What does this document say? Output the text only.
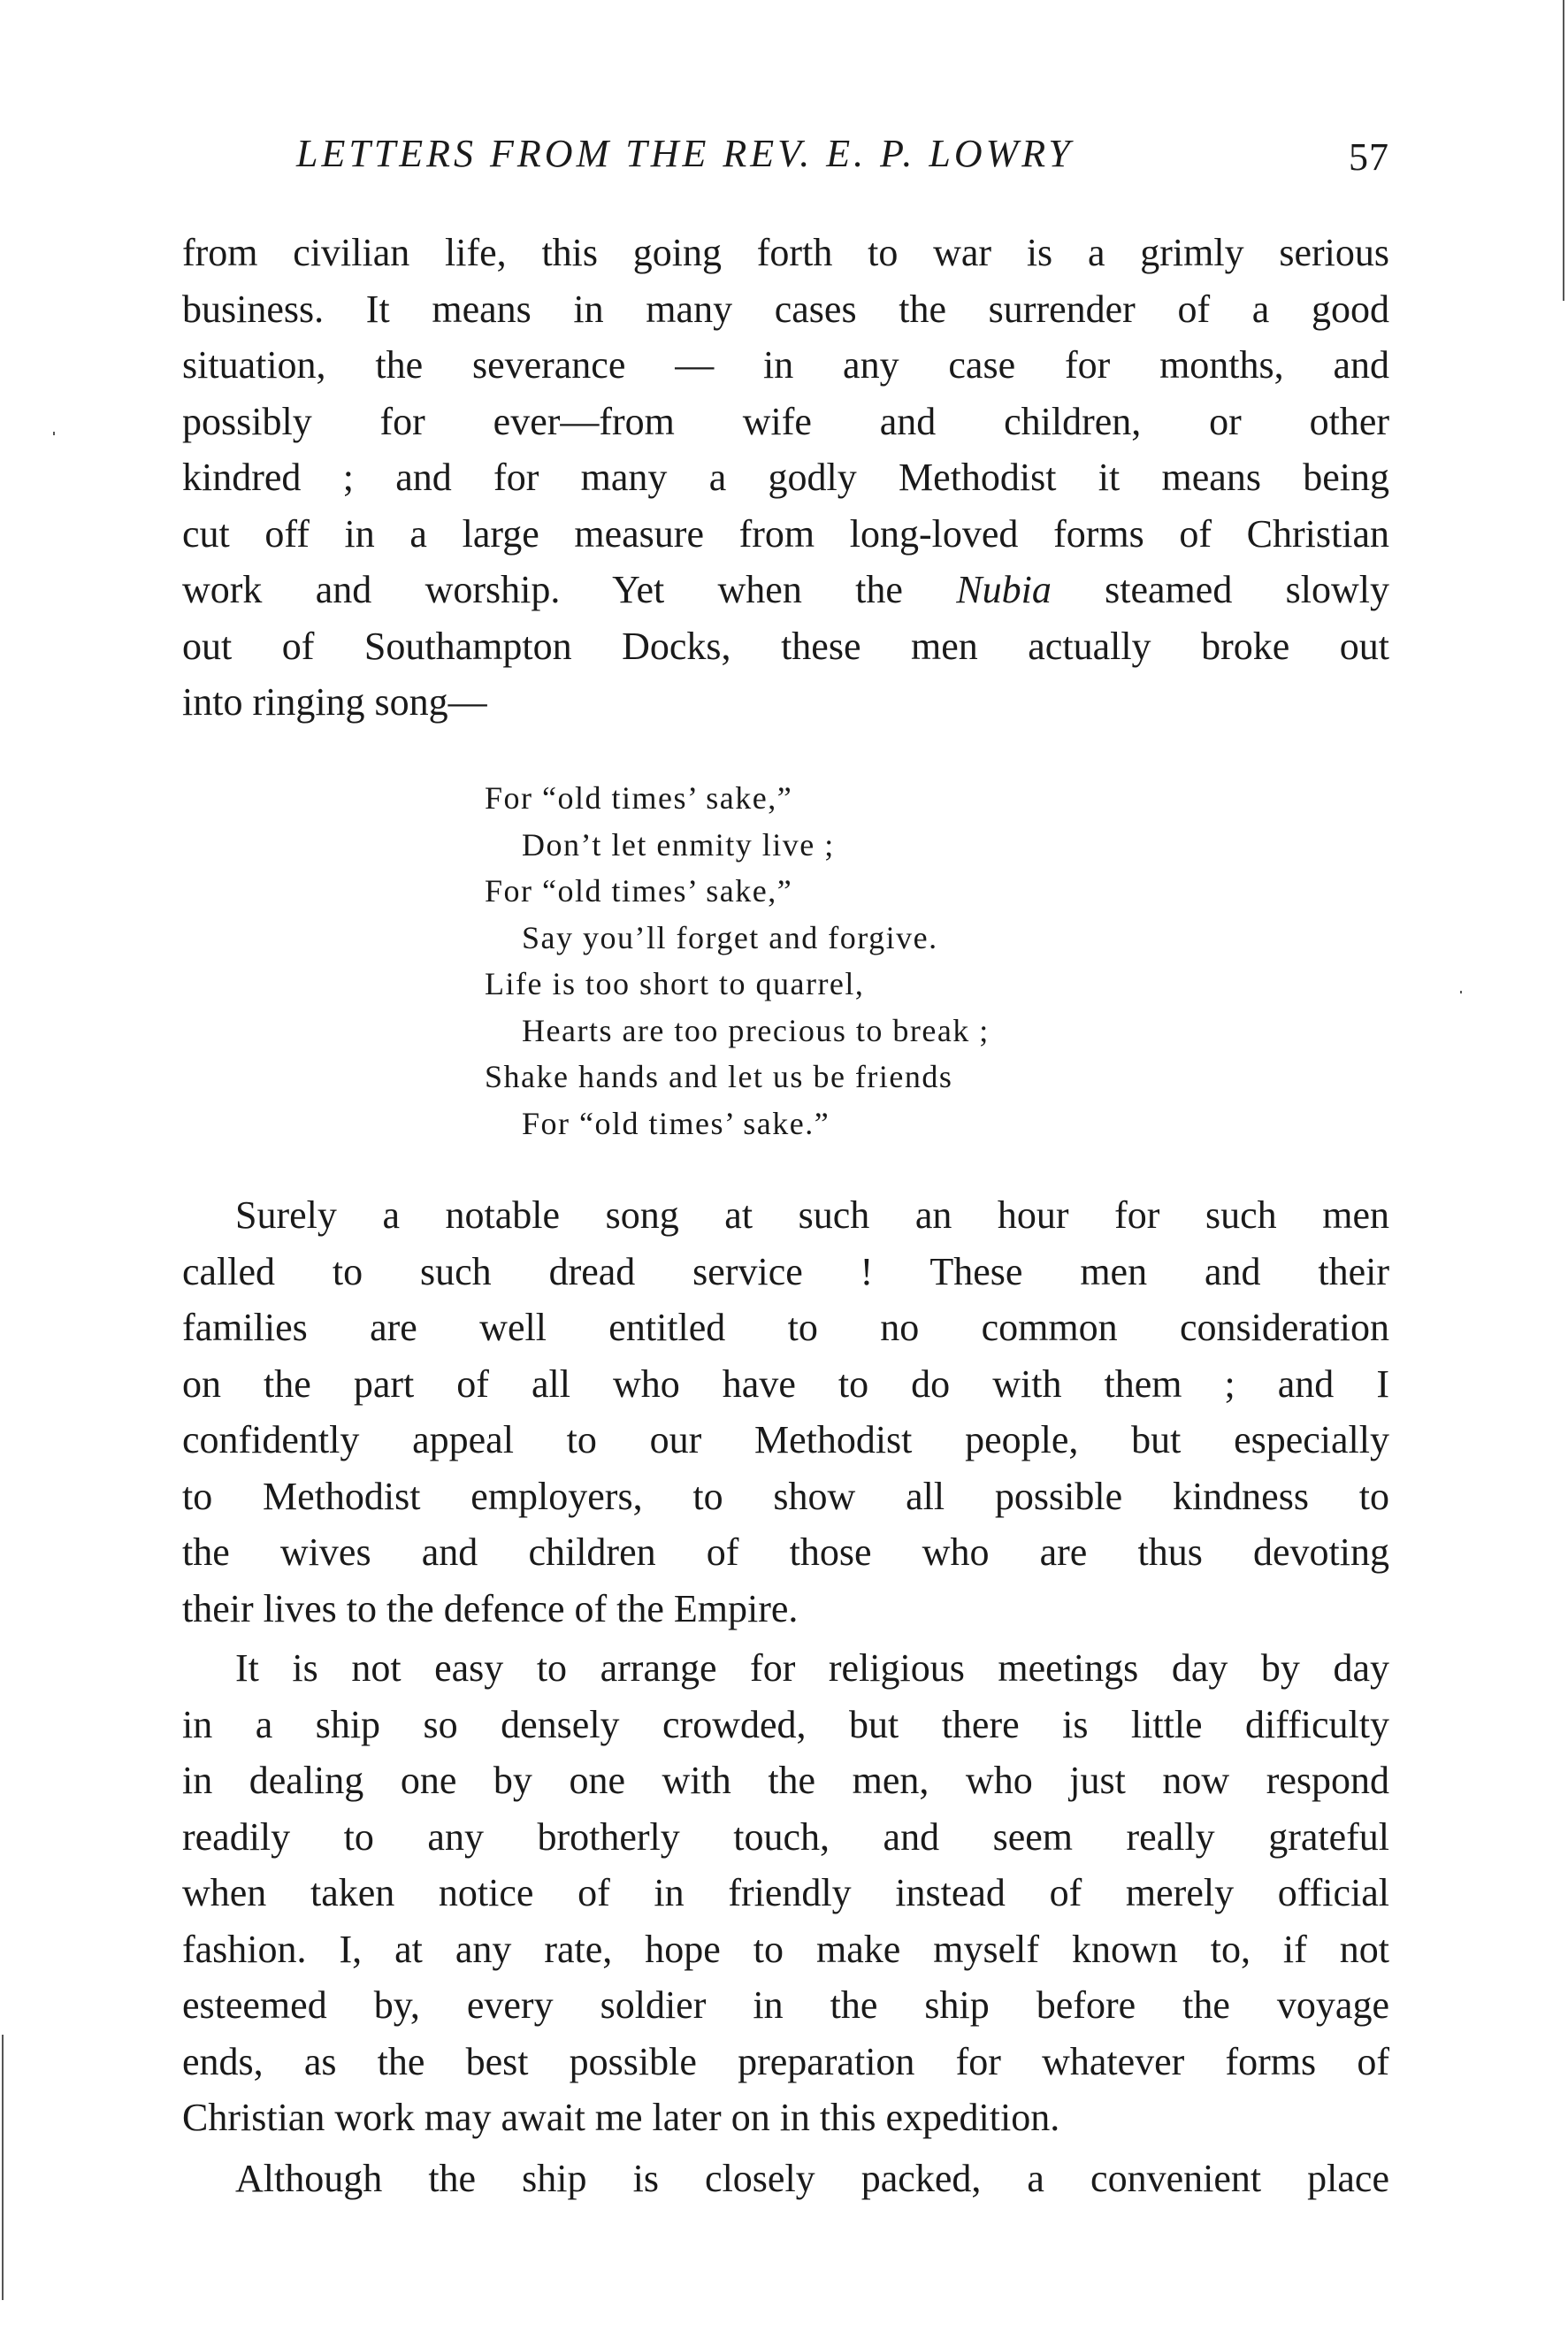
LETTERS FROM THE REV. E. P. LOWRY	57
from civilian life, this going forth to war is a grimly serious
business. It means in many cases the surrender of a good
situation, the severance — in any case for months, and
possibly for ever—from wife and children, or other
kindred ; and for many a godly Methodist it means being
cut off in a large measure from long-loved forms of Christian
work and worship. Yet when the Nubia steamed slowly
out of Southampton Docks, these men actually broke out
into ringing song—
For “old times’ sake,”
Don’t let enmity live ;
For “old times’ sake,”
Say you’ll forget and forgive.
Life is too short to quarrel,
Hearts are too precious to break ;
Shake hands and let us be friends
For “old times’ sake.”
Surely a notable song at such an hour for such men
called to such dread service ! These men and their
families are well entitled to no common consideration
on the part of all who have to do with them ; and I
confidently appeal to our Methodist people, but especially
to Methodist employers, to show all possible kindness to
the wives and children of those who are thus devoting
their lives to the defence of the Empire.
It is not easy to arrange for religious meetings day by day
in a ship so densely crowded, but there is little difficulty
in dealing one by one with the men, who just now respond
readily to any brotherly touch, and seem really grateful
when taken notice of in friendly instead of merely official
fashion. I, at any rate, hope to make myself known to, if not
esteemed by, every soldier in the ship before the voyage
ends, as the best possible preparation for whatever forms of
Christian work may await me later on in this expedition.
Although the ship is closely packed, a convenient place
